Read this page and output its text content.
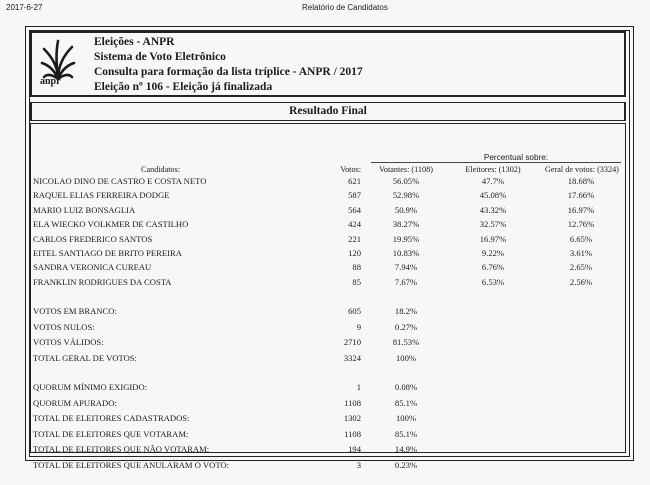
2017-6-27	Relatório de Candidatos
anpr
Eleições - ANPR
Sistema de Voto Eletrônico
Consulta para formação da lista tríplice - ANPR / 2017
Eleição nº 106 - Eleição já finalizada
Resultado Final
Percentual sobre:
Candidatos:	Votos:	Votantes: (1108)	Eleitores: (1302)	Geral de votos: (3324)
NICOLAO DINO DE CASTRO E COSTA NETO	621	56.05%	47.7%	18.68%
RAQUEL ELIAS FERREIRA DODGE	587	52.98%	45.08%	17.66%
MARIO LUIZ BONSAGLIA	564	50.9%	43.32%	16.97%
ELA WIECKO VOLKMER DE CASTILHO	424	38.27%	32.57%	12.76%
CARLOS FREDERICO SANTOS	221	19.95%	16.97%	6.65%
EITEL SANTIAGO DE BRITO PEREIRA	120	10.83%	9.22%	3.61%
SANDRA VERONICA CUREAU	88	7.94%	6.76%	2.65%
FRANKLIN RODRIGUES DA COSTA	85	7.67%	6.53%	2.56%
VOTOS EM BRANCO:	605	18.2%
VOTOS NULOS:	9	0.27%
VOTOS VÁLIDOS:	2710	81.53%
TOTAL GERAL DE VOTOS:	3324	100%
QUORUM MÍNIMO EXIGIDO:	1	0.08%
QUORUM APURADO:	1108	85.1%
TOTAL DE ELEITORES CADASTRADOS:	1302	100%
TOTAL DE ELEITORES QUE VOTARAM:	1108	85.1%
TOTAL DE ELEITORES QUE NÃO VOTARAM:	194	14.9%
TOTAL DE ELEITORES QUE ANULARAM O VOTO:	3	0.23%
